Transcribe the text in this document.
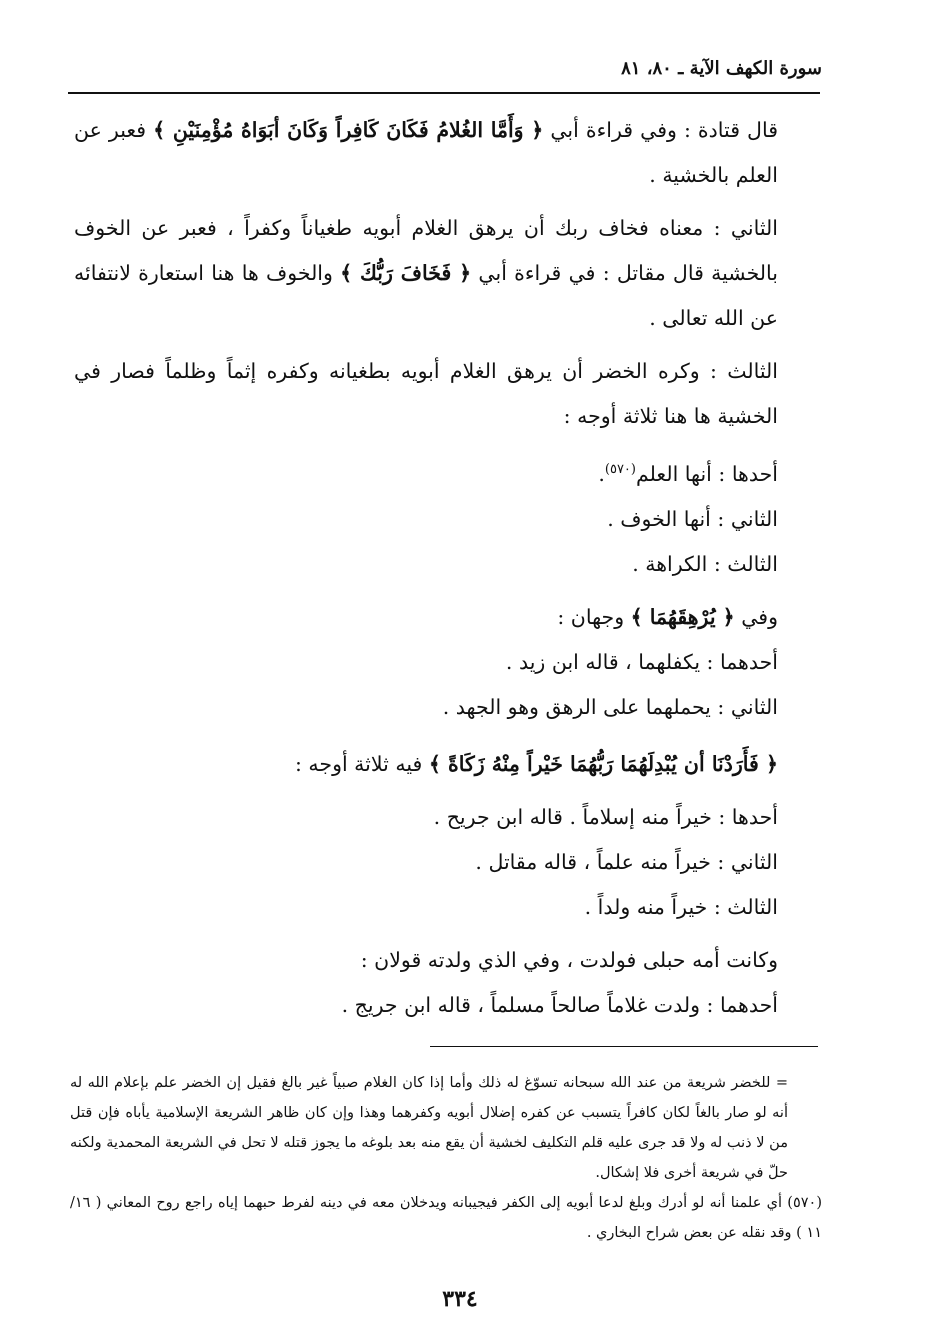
سورة الكهف الآية ـ ٨٠، ٨١

قال قتادة : وفي قراءة أبي ﴿ وَأَمَّا الغُلامُ فَكَانَ كَافِراً وَكَانَ أبَوَاهُ مُؤْمِنَيْنِ ﴾ فعبر عن العلم بالخشية .

الثاني : معناه فخاف ربك أن يرهق الغلام أبويه طغياناً وكفراً ، فعبر عن الخوف بالخشية قال مقاتل : في قراءة أبي ﴿ فَخَافَ رَبُّكَ ﴾ والخوف ها هنا استعارة لانتفائه عن الله تعالى .

الثالث : وكره الخضر أن يرهق الغلام أبويه بطغيانه وكفره إثماً وظلماً فصار في الخشية ها هنا ثلاثة أوجه :

أحدها : أنها العلم$^{(٥٧٠)}$.

الثاني : أنها الخوف .

الثالث : الكراهة .

وفي ﴿ يُرْهِقَهُمَا ﴾ وجهان :

أحدهما : يكفلهما ، قاله ابن زيد .

الثاني : يحملهما على الرهق وهو الجهد .

﴿ فَأَرَدْنَا أن يُبْدِلَهُمَا رَبُّهُمَا خَيْراً مِنْهُ زَكَاةً ﴾ فيه ثلاثة أوجه :

أحدها : خيراً منه إسلاماً . قاله ابن جريح .

الثاني : خيراً منه علماً ، قاله مقاتل .

الثالث : خيراً منه ولداً .

وكانت أمه حبلى فولدت ، وفي الذي ولدته قولان :

أحدهما : ولدت غلاماً صالحاً مسلماً ، قاله ابن جريج .

= للخضر شريعة من عند الله سبحانه تسوّغ له ذلك وأما إذا كان الغلام صبياً غير بالغ فقيل إن الخضر علم بإعلام الله له أنه لو صار بالغاً لكان كافراً يتسبب عن كفره إضلال أبويه وكفرهما وهذا وإن كان ظاهر الشريعة الإسلامية يأباه فإن قتل من لا ذنب له ولا قد جرى عليه قلم التكليف لخشية أن يقع منه بعد بلوغه ما يجوز قتله لا تحل في الشريعة المحمدية ولكنه حلّ في شريعة أخرى فلا إشكال.

(٥٧٠) أي علمنا أنه لو أدرك وبلغ لدعا أبويه إلى الكفر فيجيبانه ويدخلان معه في دينه لفرط حبهما إياه راجع روح المعاني ( ١٦/ ١١ ) وقد نقله عن بعض شراح البخاري .

٣٣٤
